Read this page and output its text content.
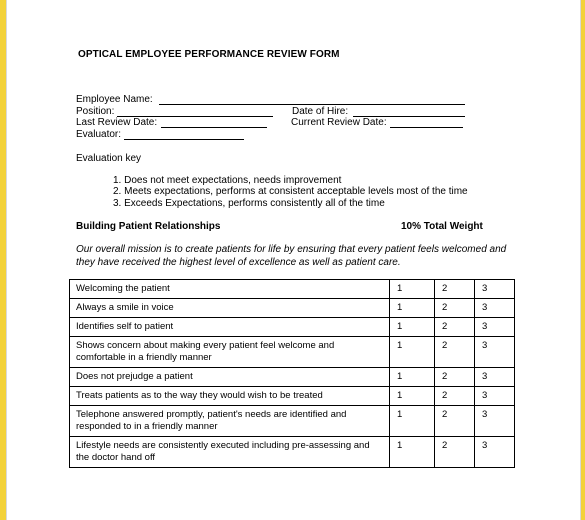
OPTICAL EMPLOYEE PERFORMANCE REVIEW FORM
Employee Name:
Position:	Date of Hire:
Last Review Date:	Current Review Date:
Evaluator:
Evaluation key
1. Does not meet expectations, needs improvement
2. Meets expectations, performs at consistent acceptable levels most of the time
3. Exceeds Expectations, performs consistently all of the time
Building Patient Relationships	10% Total Weight
Our overall mission is to create patients for life by ensuring that every patient feels welcomed and they have received the highest level of excellence as well as patient care.
Welcoming the patient	1	2	3
Always a smile in voice	1	2	3
Identifies self to patient	1	2	3
Shows concern about making every patient feel welcome and comfortable in a friendly manner	1	2	3
Does not prejudge a patient	1	2	3
Treats patients as to the way they would wish to be treated	1	2	3
Telephone answered promptly, patient's needs are identified and responded to in a friendly manner	1	2	3
Lifestyle needs are consistently executed including pre-assessing and the doctor hand off	1	2	3
